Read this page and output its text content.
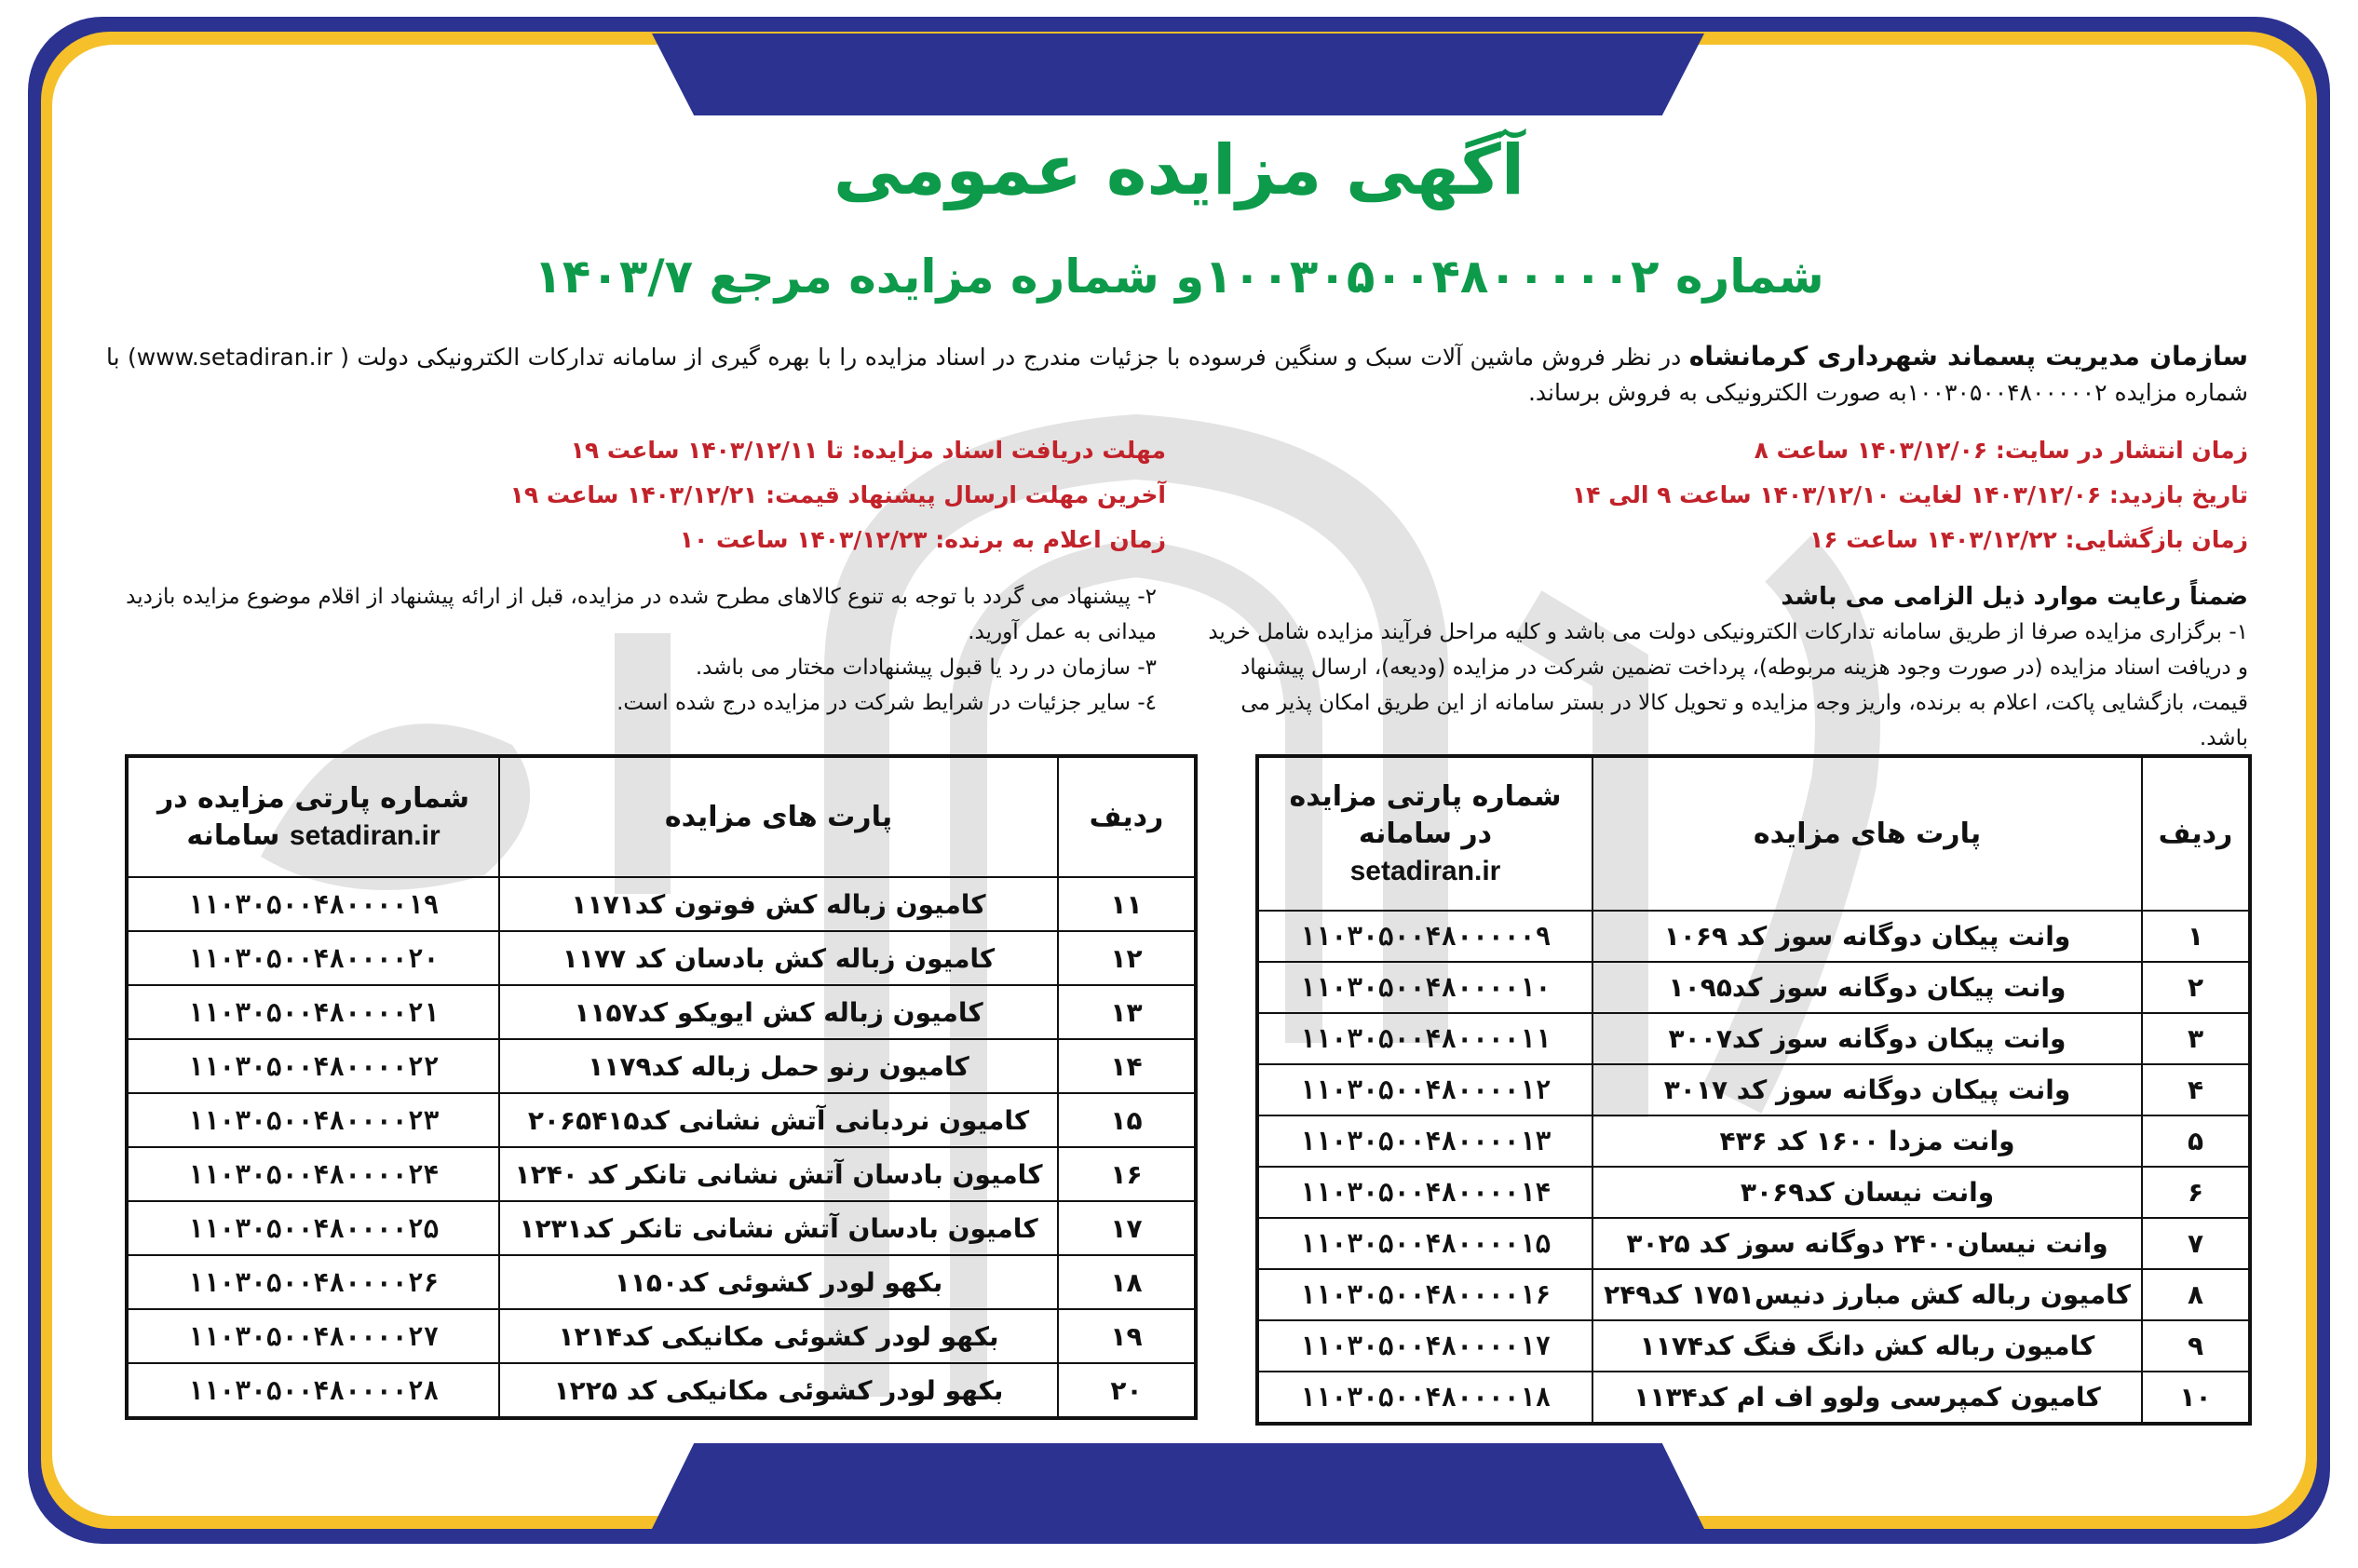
آگهی مزایده عمومی
شماره ۱۰۰۳۰۵۰۰۴۸۰۰۰۰۰۲و شماره مزایده مرجع ۱۴۰۳/۷
سازمان مدیریت پسماند شهرداری کرمانشاه در نظر فروش ماشین آلات سبک و سنگین فرسوده با جزئیات مندرج در اسناد مزایده را با بهره گیری از سامانه تدارکات الکترونیکی دولت ( www.setadiran.ir) با شماره مزایده ۱۰۰۳۰۵۰۰۴۸۰۰۰۰۰۲به صورت الکترونیکی به فروش برساند.
زمان انتشار در سایت: ۱۴۰۳/۱۲/۰۶ ساعت ۸
تاریخ بازدید: ۱۴۰۳/۱۲/۰۶ لغایت ۱۴۰۳/۱۲/۱۰ ساعت ۹ الی ۱۴
زمان بازگشایی: ۱۴۰۳/۱۲/۲۲ ساعت ۱۶
مهلت دریافت اسناد مزایده: تا ۱۴۰۳/۱۲/۱۱ ساعت ۱۹
آخرین مهلت ارسال پیشنهاد قیمت: ۱۴۰۳/۱۲/۲۱ ساعت ۱۹
زمان اعلام به برنده: ۱۴۰۳/۱۲/۲۳ ساعت ۱۰
ضمناً رعایت موارد ذیل الزامی می باشد
۱- برگزاری مزایده صرفا از طریق سامانه تدارکات الکترونیکی دولت می باشد و کلیه مراحل فرآیند مزایده شامل خرید و دریافت اسناد مزایده (در صورت وجود هزینه مربوطه)، پرداخت تضمین شرکت در مزایده (ودیعه)، ارسال پیشنهاد قیمت، بازگشایی پاکت، اعلام به برنده، واریز وجه مزایده و تحویل کالا در بستر سامانه از این طریق امکان پذیر می باشد.
۲- پیشنهاد می گردد با توجه به تنوع کالاهای مطرح شده در مزایده، قبل از ارائه پیشنهاد از اقلام موضوع مزایده بازدید میدانی به عمل آورید.
۳- سازمان در رد یا قبول پیشنهادات مختار می باشد.
٤- سایر جزئیات در شرایط شرکت در مزایده درج شده است.
ردیف	پارت های مزایده	شماره پارتی مزایده
در سامانه
setadiran.ir

۱	وانت پیکان دوگانه سوز کد ۱۰۶۹	۱۱۰۳۰۵۰۰۴۸۰۰۰۰۰۹
۲	وانت پیکان دوگانه سوز کد۱۰۹۵	۱۱۰۳۰۵۰۰۴۸۰۰۰۰۱۰
۳	وانت پیکان دوگانه سوز کد۳۰۰۷	۱۱۰۳۰۵۰۰۴۸۰۰۰۰۱۱
۴	وانت پیکان دوگانه سوز کد ۳۰۱۷	۱۱۰۳۰۵۰۰۴۸۰۰۰۰۱۲
۵	وانت مزدا ۱۶۰۰ کد ۴۳۶	۱۱۰۳۰۵۰۰۴۸۰۰۰۰۱۳
۶	وانت نیسان کد۳۰۶۹	۱۱۰۳۰۵۰۰۴۸۰۰۰۰۱۴
۷	وانت نیسان۲۴۰۰ دوگانه سوز کد ۳۰۲۵	۱۱۰۳۰۵۰۰۴۸۰۰۰۰۱۵
۸	کامیون رباله کش مبارز دنیس۱۷۵۱ کد۲۴۹	۱۱۰۳۰۵۰۰۴۸۰۰۰۰۱۶
۹	کامیون رباله کش دانگ فنگ کد۱۱۷۴	۱۱۰۳۰۵۰۰۴۸۰۰۰۰۱۷
۱۰	کامیون کمپرسی ولوو اف ام کد۱۱۳۴	۱۱۰۳۰۵۰۰۴۸۰۰۰۰۱۸
ردیف	پارت های مزایده	شماره پارتی مزایده در
setadiran.ir سامانه

۱۱	کامیون زباله کش فوتون کد۱۱۷۱	۱۱۰۳۰۵۰۰۴۸۰۰۰۰۱۹
۱۲	کامیون زباله کش بادسان کد ۱۱۷۷	۱۱۰۳۰۵۰۰۴۸۰۰۰۰۲۰
۱۳	کامیون زباله کش ایویکو کد۱۱۵۷	۱۱۰۳۰۵۰۰۴۸۰۰۰۰۲۱
۱۴	کامیون رنو حمل زباله کد۱۱۷۹	۱۱۰۳۰۵۰۰۴۸۰۰۰۰۲۲
۱۵	کامیون نردبانی آتش نشانی کد۲۰۶۵۴۱۵	۱۱۰۳۰۵۰۰۴۸۰۰۰۰۲۳
۱۶	کامیون بادسان آتش نشانی تانکر کد ۱۲۴۰	۱۱۰۳۰۵۰۰۴۸۰۰۰۰۲۴
۱۷	کامیون بادسان آتش نشانی تانکر کد۱۲۳۱	۱۱۰۳۰۵۰۰۴۸۰۰۰۰۲۵
۱۸	بکهو لودر کشوئی کد۱۱۵۰	۱۱۰۳۰۵۰۰۴۸۰۰۰۰۲۶
۱۹	بکهو لودر کشوئی مکانیکی کد۱۲۱۴	۱۱۰۳۰۵۰۰۴۸۰۰۰۰۲۷
۲۰	بکهو لودر کشوئی مکانیکی کد ۱۲۲۵	۱۱۰۳۰۵۰۰۴۸۰۰۰۰۲۸
